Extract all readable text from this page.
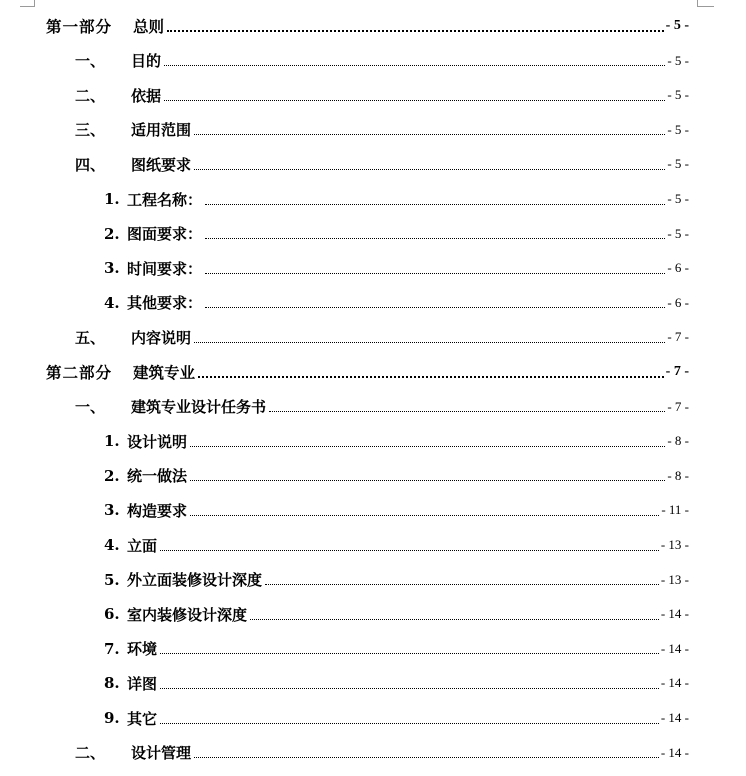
第一部分	总则	- 5 -
一、	目的	- 5 -
二、	依据	- 5 -
三、	适用范围	- 5 -
四、	图纸要求	- 5 -
1. 工程名称：	- 5 -
2. 图面要求：	- 5 -
3. 时间要求：	- 6 -
4. 其他要求：	- 6 -
五、	内容说明	- 7 -
第二部分	建筑专业	- 7 -
一、	建筑专业设计任务书	- 7 -
1. 设计说明	- 8 -
2. 统一做法	- 8 -
3. 构造要求	- 11 -
4. 立面	- 13 -
5. 外立面装修设计深度	- 13 -
6. 室内装修设计深度	- 14 -
7. 环境	- 14 -
8. 详图	- 14 -
9. 其它	- 14 -
二、	设计管理	- 14 -
